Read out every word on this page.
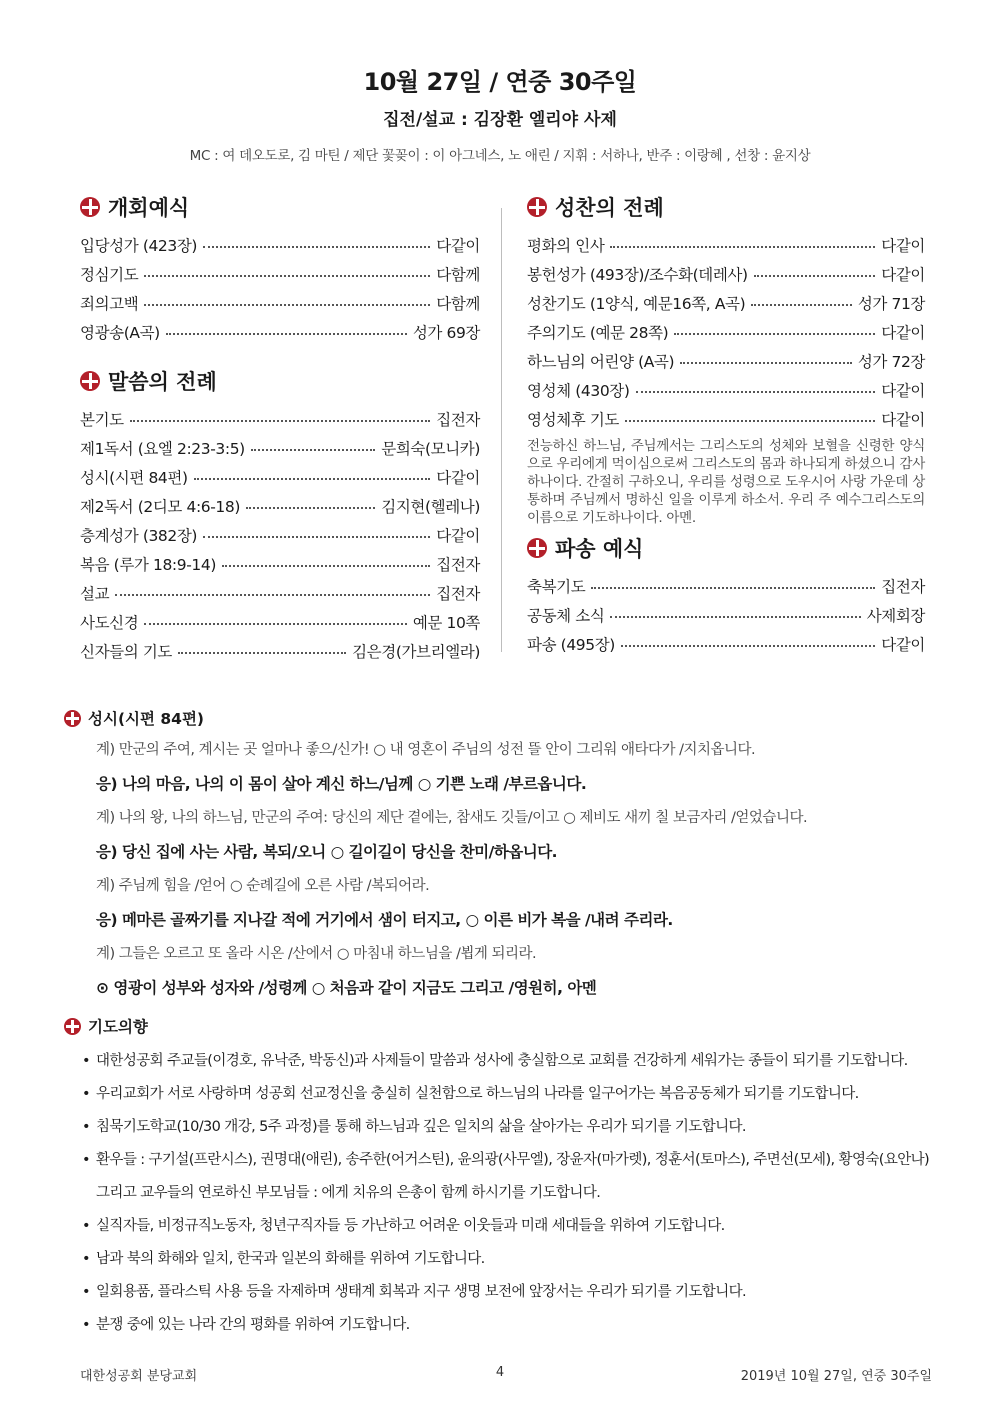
10월 27일 / 연중 30주일
집전/설교 : 김장환 엘리야 사제
MC : 여 데오도로, 김 마틴 / 제단 꽃꽂이 : 이 아그네스, 노 애린 / 지휘 : 서하나, 반주 : 이랑혜 , 선창 : 윤지상
개회예식
입당성가 (423장)	다같이
정심기도	다함께
죄의고백	다함께
영광송(A곡)	성가 69장
말씀의 전례
본기도	집전자
제1독서 (요엘 2:23-3:5)	문희숙(모니카)
성시(시편 84편)	다같이
제2독서 (2디모 4:6-18)	김지현(헬레나)
층계성가 (382장)	다같이
복음 (루가 18:9-14)	집전자
설교	집전자
사도신경	예문 10쪽
신자들의 기도	김은경(가브리엘라)
성찬의 전례
평화의 인사	다같이
봉헌성가 (493장)/조수화(데레사)	다같이
성찬기도 (1양식, 예문16쪽, A곡)	성가 71장
주의기도 (예문 28쪽)	다같이
하느님의 어린양 (A곡)	성가 72장
영성체 (430장)	다같이
영성체후 기도	다같이
전능하신 하느님, 주님께서는 그리스도의 성체와 보혈을 신령한 양식으로 우리에게 먹이심으로써 그리스도의 몸과 하나되게 하셨으니 감사하나이다. 간절히 구하오니, 우리를 성령으로 도우시어 사랑 가운데 상통하며 주님께서 명하신 일을 이루게 하소서. 우리 주 예수그리스도의 이름으로 기도하나이다. 아멘.
파송 예식
축복기도	집전자
공동체 소식	사제회장
파송 (495장)	다같이
성시(시편 84편)
계) 만군의 주여, 계시는 곳 얼마나 좋으/신가! ○ 내 영혼이 주님의 성전 뜰 안이 그리워 애타다가 /지치옵니다.
응) 나의 마음, 나의 이 몸이 살아 계신 하느/님께 ○ 기쁜 노래 /부르옵니다.
계) 나의 왕, 나의 하느님, 만군의 주여: 당신의 제단 곁에는, 참새도 깃들/이고 ○ 제비도 새끼 칠 보금자리 /얻었습니다.
응) 당신 집에 사는 사람, 복되/오니 ○ 길이길이 당신을 찬미/하옵니다.
계) 주님께 힘을 /얻어 ○ 순례길에 오른 사람 /복되어라.
응) 메마른 골짜기를 지나갈 적에 거기에서 샘이 터지고, ○ 이른 비가 복을 /내려 주리라.
계) 그들은 오르고 또 올라 시온 /산에서 ○ 마침내 하느님을 /뵙게 되리라.
⊙ 영광이 성부와 성자와 /성령께 ○ 처음과 같이 지금도 그리고 /영원히, 아멘
기도의향
• 대한성공회 주교들(이경호, 유낙준, 박동신)과 사제들이 말씀과 성사에 충실함으로 교회를 건강하게 세워가는 종들이 되기를 기도합니다.
• 우리교회가 서로 사랑하며 성공회 선교정신을 충실히 실천함으로 하느님의 나라를 일구어가는 복음공동체가 되기를 기도합니다.
• 침묵기도학교(10/30 개강, 5주 과정)를 통해 하느님과 깊은 일치의 삶을 살아가는 우리가 되기를 기도합니다.
• 환우들 : 구기설(프란시스), 권명대(애린), 송주한(어거스틴), 윤의광(사무엘), 장윤자(마가렛), 정훈서(토마스), 주면선(모세), 황영숙(요안나) 그리고 교우들의 연로하신 부모님들 : 에게 치유의 은총이 함께 하시기를 기도합니다.
• 실직자들, 비정규직노동자, 청년구직자들 등 가난하고 어려운 이웃들과 미래 세대들을 위하여 기도합니다.
• 남과 북의 화해와 일치, 한국과 일본의 화해를 위하여 기도합니다.
• 일회용품, 플라스틱 사용 등을 자제하며 생태계 회복과 지구 생명 보전에 앞장서는 우리가 되기를 기도합니다.
• 분쟁 중에 있는 나라 간의 평화를 위하여 기도합니다.
대한성공회 분당교회	4	2019년 10월 27일, 연중 30주일
